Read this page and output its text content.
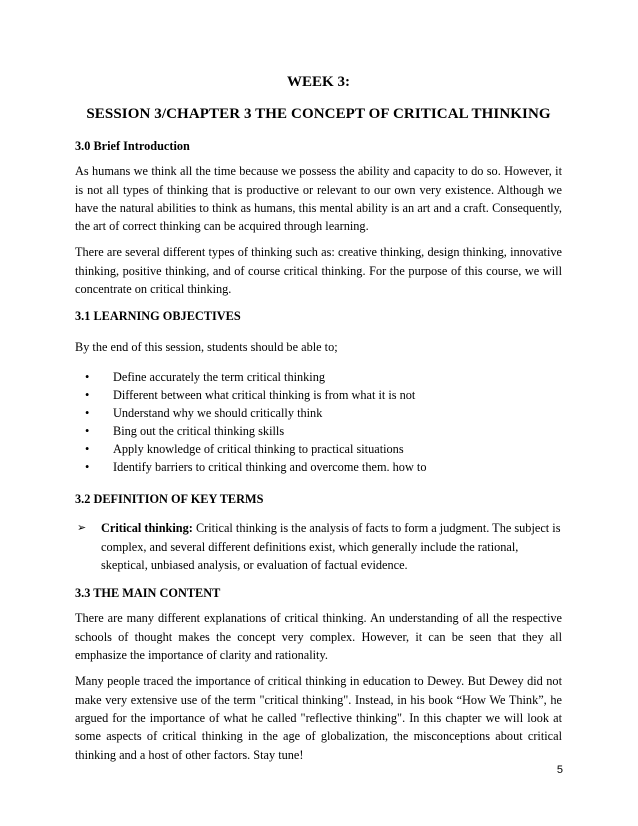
WEEK 3:

SESSION 3/CHAPTER 3 THE CONCEPT OF CRITICAL THINKING

3.0 Brief Introduction

As humans we think all the time because we possess the ability and capacity to do so. However, it is not all types of thinking that is productive or relevant to our own very existence. Although we have the natural abilities to think as humans, this mental ability is an art and a craft. Consequently, the art of correct thinking can be acquired through learning.

There are several different types of thinking such as: creative thinking, design thinking, innovative thinking, positive thinking, and of course critical thinking. For the purpose of this course, we will concentrate on critical thinking.

3.1 LEARNING OBJECTIVES

By the end of this session, students should be able to;

• Define accurately the term critical thinking
• Different between what critical thinking is from what it is not
• Understand why we should critically think
• Bing out the critical thinking skills
• Apply knowledge of critical thinking to practical situations
• Identify barriers to critical thinking and overcome them. how to

3.2 DEFINITION OF KEY TERMS

➢ Critical thinking: Critical thinking is the analysis of facts to form a judgment. The subject is complex, and several different definitions exist, which generally include the rational, skeptical, unbiased analysis, or evaluation of factual evidence.

3.3 THE MAIN CONTENT

There are many different explanations of critical thinking. An understanding of all the respective schools of thought makes the concept very complex. However, it can be seen that they all emphasize the importance of clarity and rationality.

Many people traced the importance of critical thinking in education to Dewey. But Dewey did not make very extensive use of the term "critical thinking". Instead, in his book “How We Think”, he argued for the importance of what he called "reflective thinking". In this chapter we will look at some aspects of critical thinking in the age of globalization, the misconceptions about critical thinking and a host of other factors. Stay tune!

5
